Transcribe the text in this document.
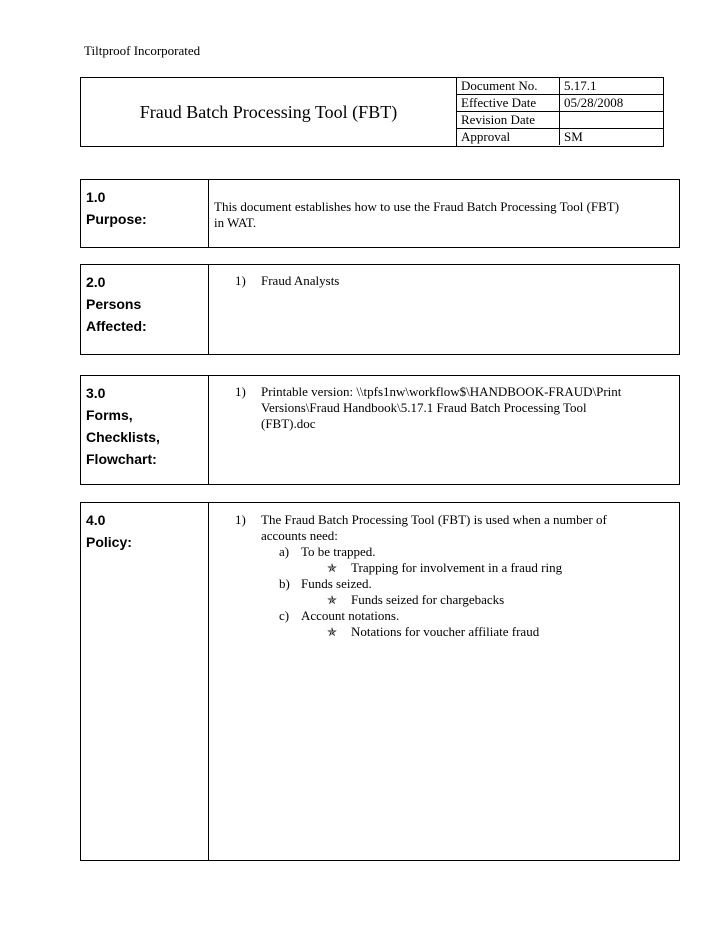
Tiltproof Incorporated
Fraud Batch Processing Tool (FBT)
Document No.	5.17.1
Effective Date	05/28/2008
Revision Date	
Approval	SM
1.0
Purpose:
This document establishes how to use the Fraud Batch Processing Tool (FBT)
in WAT.
2.0
Persons
Affected:
1) Fraud Analysts
3.0
Forms,
Checklists,
Flowchart:
1) Printable version: \\tpfs1nw\workflow$\HANDBOOK-FRAUD\Print
Versions\Fraud Handbook\5.17.1 Fraud Batch Processing Tool
(FBT).doc
4.0
Policy:
1) The Fraud Batch Processing Tool (FBT) is used when a number of
accounts need:
a) To be trapped.
✯ Trapping for involvement in a fraud ring
b) Funds seized.
✯ Funds seized for chargebacks
c) Account notations.
✯ Notations for voucher affiliate fraud
